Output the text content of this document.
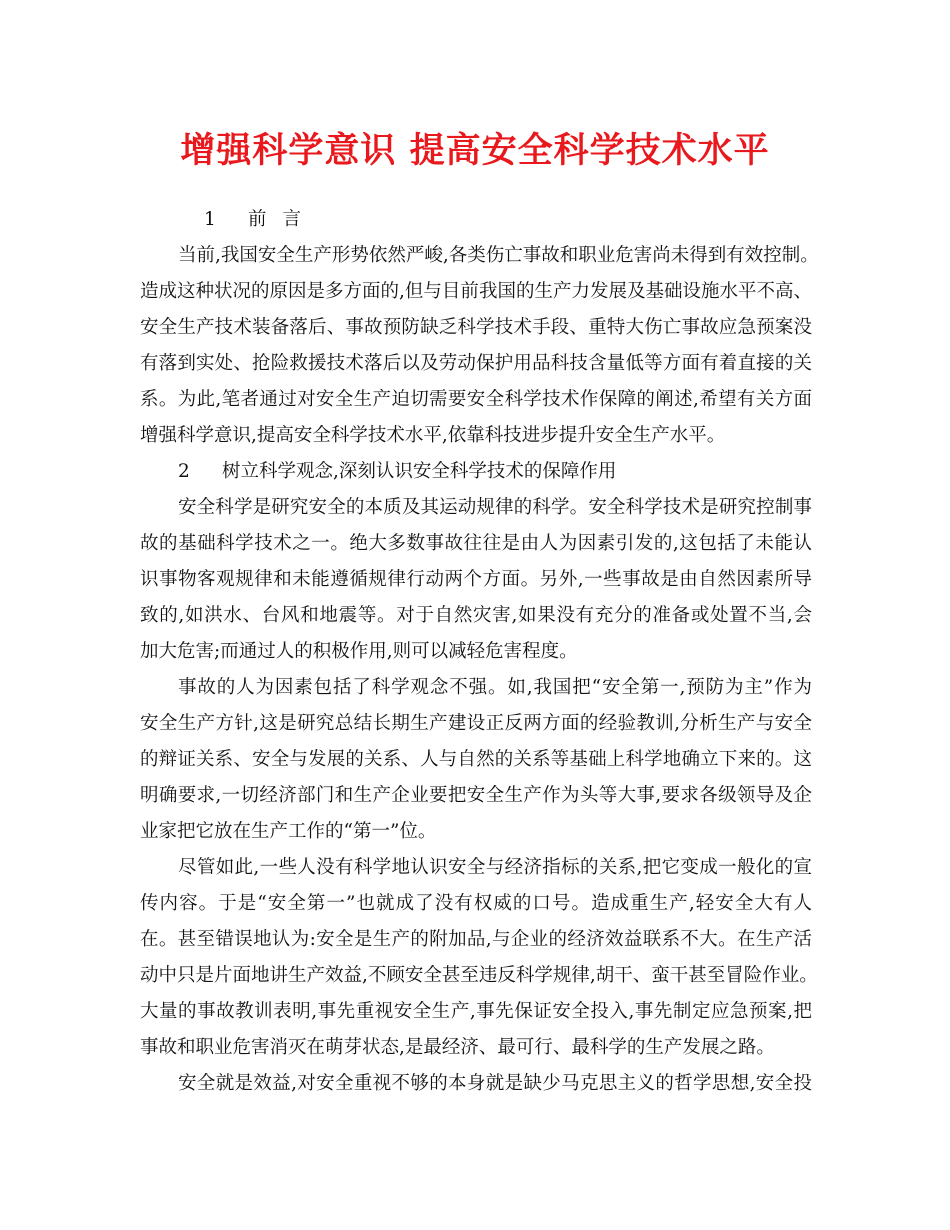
增强科学意识 提高安全科学技术水平
1 前言
当前,我国安全生产形势依然严峻,各类伤亡事故和职业危害尚未得到有效控制。
造成这种状况的原因是多方面的,但与目前我国的生产力发展及基础设施水平不高、
安全生产技术装备落后、事故预防缺乏科学技术手段、重特大伤亡事故应急预案没
有落到实处、抢险救援技术落后以及劳动保护用品科技含量低等方面有着直接的关
系。为此,笔者通过对安全生产迫切需要安全科学技术作保障的阐述,希望有关方面
增强科学意识,提高安全科学技术水平,依靠科技进步提升安全生产水平。
2 树立科学观念,深刻认识安全科学技术的保障作用
安全科学是研究安全的本质及其运动规律的科学。安全科学技术是研究控制事
故的基础科学技术之一。绝大多数事故往往是由人为因素引发的,这包括了未能认
识事物客观规律和未能遵循规律行动两个方面。另外,一些事故是由自然因素所导
致的,如洪水、台风和地震等。对于自然灾害,如果没有充分的准备或处置不当,会
加大危害;而通过人的积极作用,则可以减轻危害程度。
事故的人为因素包括了科学观念不强。如,我国把“安全第一,预防为主”作为
安全生产方针,这是研究总结长期生产建设正反两方面的经验教训,分析生产与安全
的辩证关系、安全与发展的关系、人与自然的关系等基础上科学地确立下来的。这
明确要求,一切经济部门和生产企业要把安全生产作为头等大事,要求各级领导及企
业家把它放在生产工作的“第一”位。
尽管如此,一些人没有科学地认识安全与经济指标的关系,把它变成一般化的宣
传内容。于是“安全第一”也就成了没有权威的口号。造成重生产,轻安全大有人
在。甚至错误地认为:安全是生产的附加品,与企业的经济效益联系不大。在生产活
动中只是片面地讲生产效益,不顾安全甚至违反科学规律,胡干、蛮干甚至冒险作业。
大量的事故教训表明,事先重视安全生产,事先保证安全投入,事先制定应急预案,把
事故和职业危害消灭在萌芽状态,是最经济、最可行、最科学的生产发展之路。
安全就是效益,对安全重视不够的本身就是缺少马克思主义的哲学思想,安全投
